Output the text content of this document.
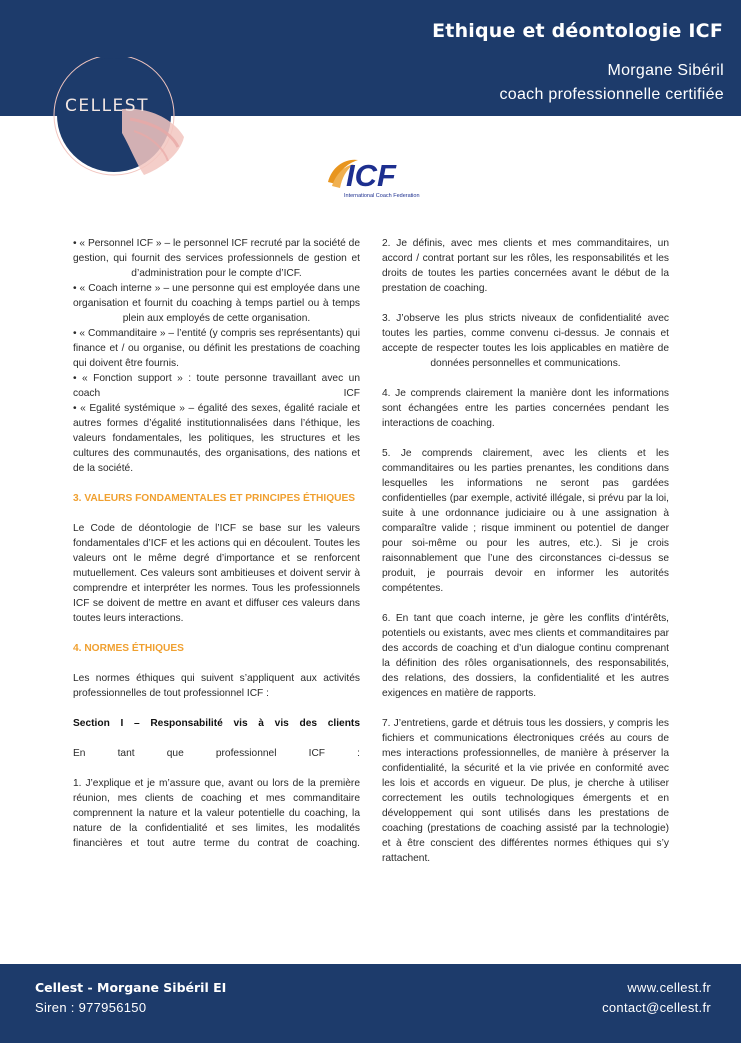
Ethique et déontologie ICF
Morgane Sibéril
coach professionnelle certifiée
CELLEST
ICF
International Coach Federation

• « Personnel ICF » – le personnel ICF recruté par la société de gestion, qui fournit des services professionnels de gestion et d’administration pour le compte d’ICF.

• « Coach interne » – une personne qui est employée dans une organisation et fournit du coaching à temps partiel ou à temps plein aux employés de cette organisation.

• « Commanditaire » – l’entité (y compris ses représentants) qui finance et / ou organise, ou définit les prestations de coaching qui doivent être fournis.

• « Fonction support » : toute personne travaillant avec un coach ICF

• « Egalité systémique » – égalité des sexes, égalité raciale et autres formes d’égalité institutionnalisées dans l’éthique, les valeurs fondamentales, les politiques, les structures et les cultures des communautés, des organisations, des nations et de la société.

3. VALEURS FONDAMENTALES ET PRINCIPES ÉTHIQUES

Le Code de déontologie de l’ICF se base sur les valeurs fondamentales d’ICF et les actions qui en découlent. Toutes les valeurs ont le même degré d’importance et se renforcent mutuellement. Ces valeurs sont ambitieuses et doivent servir à comprendre et interpréter les normes. Tous les professionnels ICF se doivent de mettre en avant et diffuser ces valeurs dans toutes leurs interactions.

4. NORMES ÉTHIQUES

Les normes éthiques qui suivent s’appliquent aux activités professionnelles de tout professionnel ICF :

Section I – Responsabilité vis à vis des clients

En tant que professionnel ICF :

1. J’explique et je m’assure que, avant ou lors de la première réunion, mes clients de coaching et mes commanditaire comprennent la nature et la valeur potentielle du coaching, la nature de la confidentialité et ses limites, les modalités financières et tout autre terme du contrat de coaching.

2. Je définis, avec mes clients et mes commanditaires, un accord / contrat portant sur les rôles, les responsabilités et les droits de toutes les parties concernées avant le début de la prestation de coaching.

3. J’observe les plus stricts niveaux de confidentialité avec toutes les parties, comme convenu ci-dessus. Je connais et accepte de respecter toutes les lois applicables en matière de données personnelles et communications.

4. Je comprends clairement la manière dont les informations sont échangées entre les parties concernées pendant les interactions de coaching.

5. Je comprends clairement, avec les clients et les commanditaires ou les parties prenantes, les conditions dans lesquelles les informations ne seront pas gardées confidentielles (par exemple, activité illégale, si prévu par la loi, suite à une ordonnance judiciaire ou à une assignation à comparaître valide ; risque imminent ou potentiel de danger pour soi-même ou pour les autres, etc.). Si je crois raisonnablement que l’une des circonstances ci-dessus se produit, je pourrais devoir en informer les autorités compétentes.

6. En tant que coach interne, je gère les conflits d’intérêts, potentiels ou existants, avec mes clients et commanditaires par des accords de coaching et d’un dialogue continu comprenant la définition des rôles organisationnels, des responsabilités, des relations, des dossiers, la confidentialité et les autres exigences en matière de rapports.

7. J’entretiens, garde et détruis tous les dossiers, y compris les fichiers et communications électroniques créés au cours de mes interactions professionnelles, de manière à préserver la confidentialité, la sécurité et la vie privée en conformité avec les lois et accords en vigueur. De plus, je cherche à utiliser correctement les outils technologiques émergents et en développement qui sont utilisés dans les prestations de coaching (prestations de coaching assisté par la technologie) et à être conscient des différentes normes éthiques qui s’y rattachent.

Cellest - Morgane Sibéril EI
Siren : 977956150
www.cellest.fr
contact@cellest.fr
